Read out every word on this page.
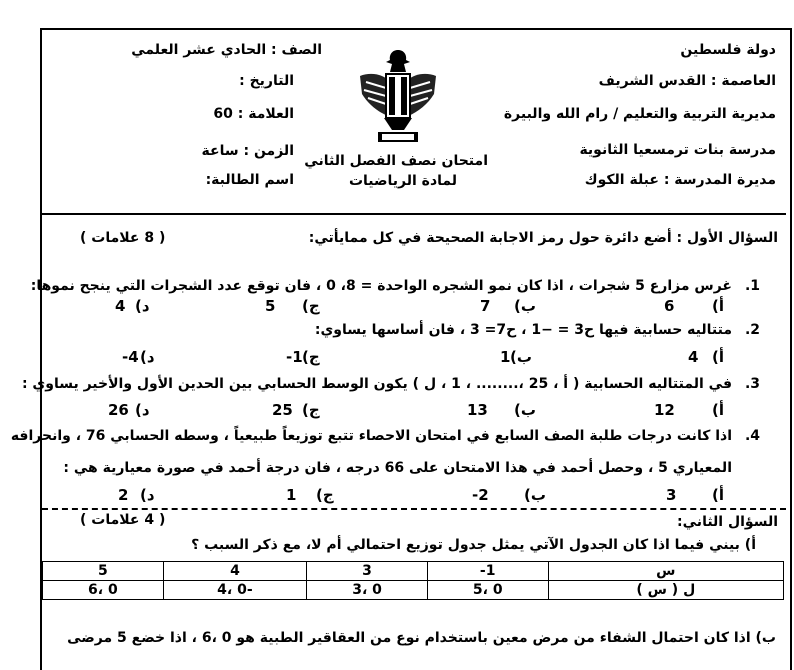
دولة فلسطين
العاصمة : القدس الشريف
مديرية التربية والتعليم / رام الله والبيرة
مدرسة بنات ترمسعيا الثانوية
مديرة المدرسة : عبلة الكوك
الصف : الحادي عشر العلمي
التاريخ :
العلامة : 60
الزمن : ساعة
اسم الطالبة:
امتحان نصف الفصل الثاني
لمادة الرياضيات
السؤال الأول : أضع دائرة حول رمز الاجابة الصحيحة في كل ممايأتي:
( 8 علامات )
.1
غرس مزارع 5 شجرات ، اذا كان نمو الشجره الواحدة = 8، 0 ، فان توقع عدد الشجرات التي ينجح نموها:
أ)
6
ب)
7
ج)
5
د)
4
.2
متتاليه حسابية فيها ح3 = −1 ، ح7= 3 ، فان أساسها يساوي:
أ)
4
ب)
1
ج)
-1
د)
-4
.3
في المتتاليه الحسابية ( أ ، 25 ،........ ، 1 ، ل ) يكون الوسط الحسابي بين الحدين الأول والأخير يساوي :
أ)
12
ب)
13
ج)
25
د)
26
.4
اذا كانت درجات طلبة الصف السابع في امتحان الاحصاء تتبع توزيعاً طبيعياً ، وسطه الحسابي 76 ، وانحرافه
المعياري 5 ، وحصل أحمد في هذا الامتحان على 66 درجه ، فان درجة أحمد في صورة معيارية هي :
أ)
3
ب)
-2
ج)
1
د)
2
السؤال الثاني:
( 4 علامات )
أ) بيني فيما اذا كان الجدول الآتي يمثل جدول توزيع احتمالي أم لا، مع ذكر السبب ؟
5	4	3	-1	س
0 ،6	-0 ،4	0 ،3	0 ،5	ل ( س )
ب) اذا كان احتمال الشفاء من مرض معين باستخدام نوع من العقاقير الطبية هو 0 ،6 ، اذا خضع 5 مرضى
